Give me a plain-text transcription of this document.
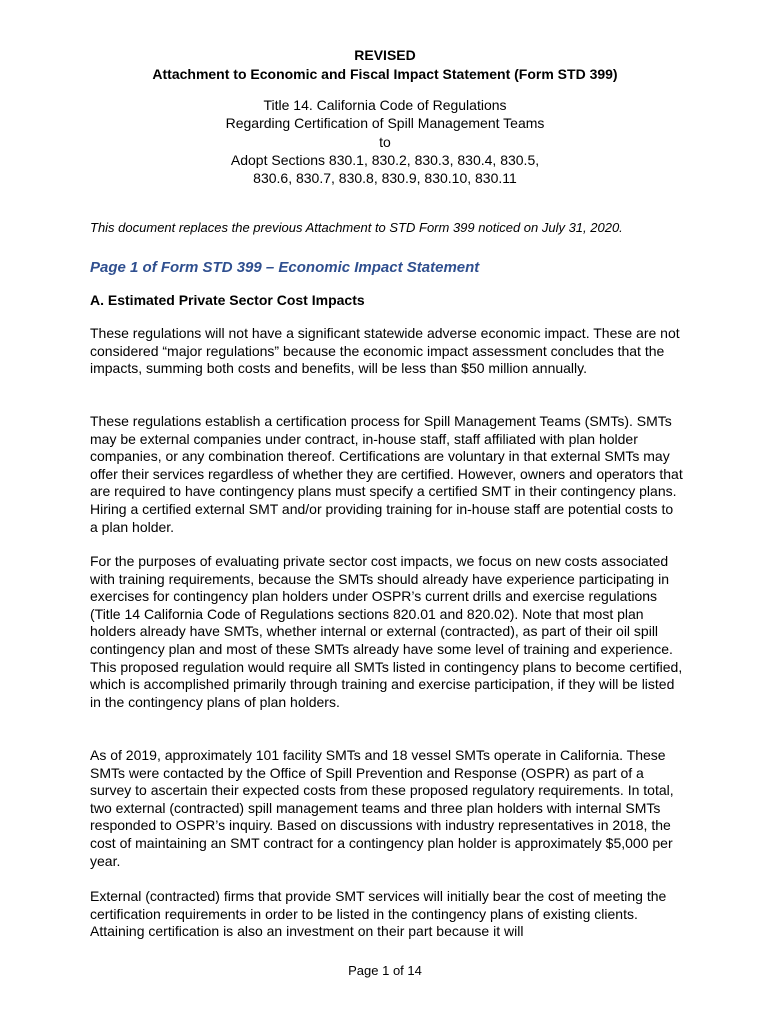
REVISED
Attachment to Economic and Fiscal Impact Statement (Form STD 399)
Title 14. California Code of Regulations
Regarding Certification of Spill Management Teams
to
Adopt Sections 830.1, 830.2, 830.3, 830.4, 830.5,
830.6, 830.7, 830.8, 830.9, 830.10, 830.11
This document replaces the previous Attachment to STD Form 399 noticed on July 31, 2020.
Page 1 of Form STD 399 – Economic Impact Statement
A. Estimated Private Sector Cost Impacts

These regulations will not have a significant statewide adverse economic impact. These are not considered “major regulations” because the economic impact assessment concludes that the impacts, summing both costs and benefits, will be less than $50 million annually.

These regulations establish a certification process for Spill Management Teams (SMTs). SMTs may be external companies under contract, in-house staff, staff affiliated with plan holder companies, or any combination thereof. Certifications are voluntary in that external SMTs may offer their services regardless of whether they are certified. However, owners and operators that are required to have contingency plans must specify a certified SMT in their contingency plans. Hiring a certified external SMT and/or providing training for in-house staff are potential costs to a plan holder.

For the purposes of evaluating private sector cost impacts, we focus on new costs associated with training requirements, because the SMTs should already have experience participating in exercises for contingency plan holders under OSPR’s current drills and exercise regulations (Title 14 California Code of Regulations sections 820.01 and 820.02). Note that most plan holders already have SMTs, whether internal or external (contracted), as part of their oil spill contingency plan and most of these SMTs already have some level of training and experience. This proposed regulation would require all SMTs listed in contingency plans to become certified, which is accomplished primarily through training and exercise participation, if they will be listed in the contingency plans of plan holders.

As of 2019, approximately 101 facility SMTs and 18 vessel SMTs operate in California. These SMTs were contacted by the Office of Spill Prevention and Response (OSPR) as part of a survey to ascertain their expected costs from these proposed regulatory requirements. In total, two external (contracted) spill management teams and three plan holders with internal SMTs responded to OSPR’s inquiry. Based on discussions with industry representatives in 2018, the cost of maintaining an SMT contract for a contingency plan holder is approximately $5,000 per year.

External (contracted) firms that provide SMT services will initially bear the cost of meeting the certification requirements in order to be listed in the contingency plans of existing clients. Attaining certification is also an investment on their part because it will

Page 1 of 14
